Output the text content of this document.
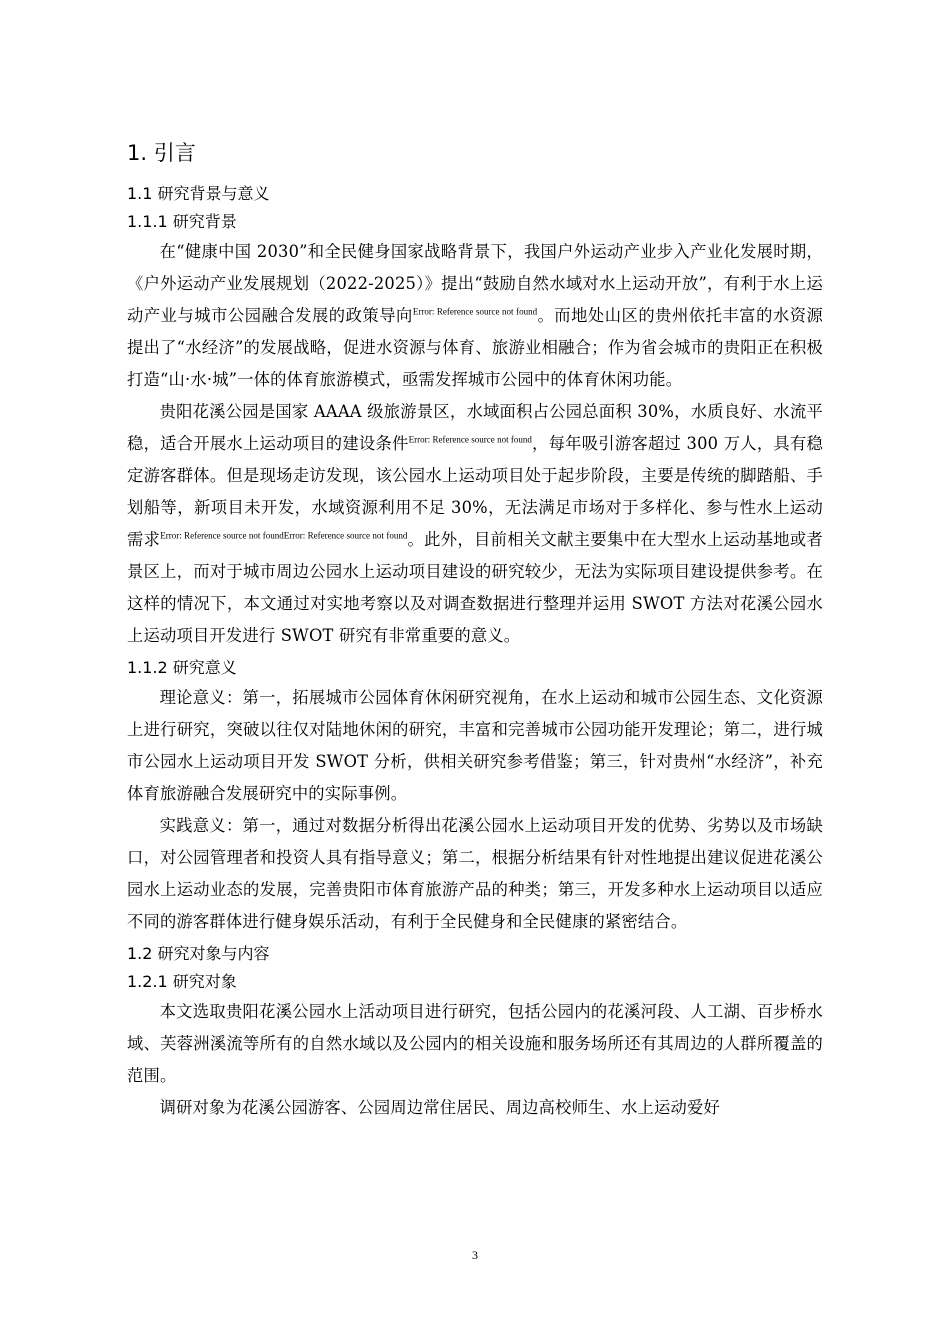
1. 引言
1.1 研究背景与意义
1.1.1 研究背景

在“健康中国 2030”和全民健身国家战略背景下，我国户外运动产业步入产业化发展时期，《户外运动产业发展规划（2022-2025）》提出“鼓励自然水域对水上运动开放”，有利于水上运动产业与城市公园融合发展的政策导向$^{Error: Reference source not found}$。而地处山区的贵州依托丰富的水资源提出了“水经济”的发展战略，促进水资源与体育、旅游业相融合；作为省会城市的贵阳正在积极打造“山·水·城”一体的体育旅游模式，亟需发挥城市公园中的体育休闲功能。

贵阳花溪公园是国家 AAAA 级旅游景区，水域面积占公园总面积 30%，水质良好、水流平稳，适合开展水上运动项目的建设条件$^{Error: Reference source not found}$，每年吸引游客超过 300 万人，具有稳定游客群体。但是现场走访发现，该公园水上运动项目处于起步阶段，主要是传统的脚踏船、手划船等，新项目未开发，水域资源利用不足 30%，无法满足市场对于多样化、参与性水上运动需求$^{Error: Reference source not foundError: Reference source not found}$。此外，目前相关文献主要集中在大型水上运动基地或者景区上，而对于城市周边公园水上运动项目建设的研究较少，无法为实际项目建设提供参考。在这样的情况下，本文通过对实地考察以及对调查数据进行整理并运用 SWOT 方法对花溪公园水上运动项目开发进行 SWOT 研究有非常重要的意义。

1.1.2 研究意义

理论意义：第一，拓展城市公园体育休闲研究视角，在水上运动和城市公园生态、文化资源上进行研究，突破以往仅对陆地休闲的研究，丰富和完善城市公园功能开发理论；第二，进行城市公园水上运动项目开发 SWOT 分析，供相关研究参考借鉴；第三，针对贵州“水经济”，补充体育旅游融合发展研究中的实际事例。

实践意义：第一，通过对数据分析得出花溪公园水上运动项目开发的优势、劣势以及市场缺口，对公园管理者和投资人具有指导意义；第二，根据分析结果有针对性地提出建议促进花溪公园水上运动业态的发展，完善贵阳市体育旅游产品的种类；第三，开发多种水上运动项目以适应不同的游客群体进行健身娱乐活动，有利于全民健身和全民健康的紧密结合。

1.2 研究对象与内容
1.2.1 研究对象

本文选取贵阳花溪公园水上活动项目进行研究，包括公园内的花溪河段、人工湖、百步桥水域、芙蓉洲溪流等所有的自然水域以及公园内的相关设施和服务场所还有其周边的人群所覆盖的范围。

调研对象为花溪公园游客、公园周边常住居民、周边高校师生、水上运动爱好

3
